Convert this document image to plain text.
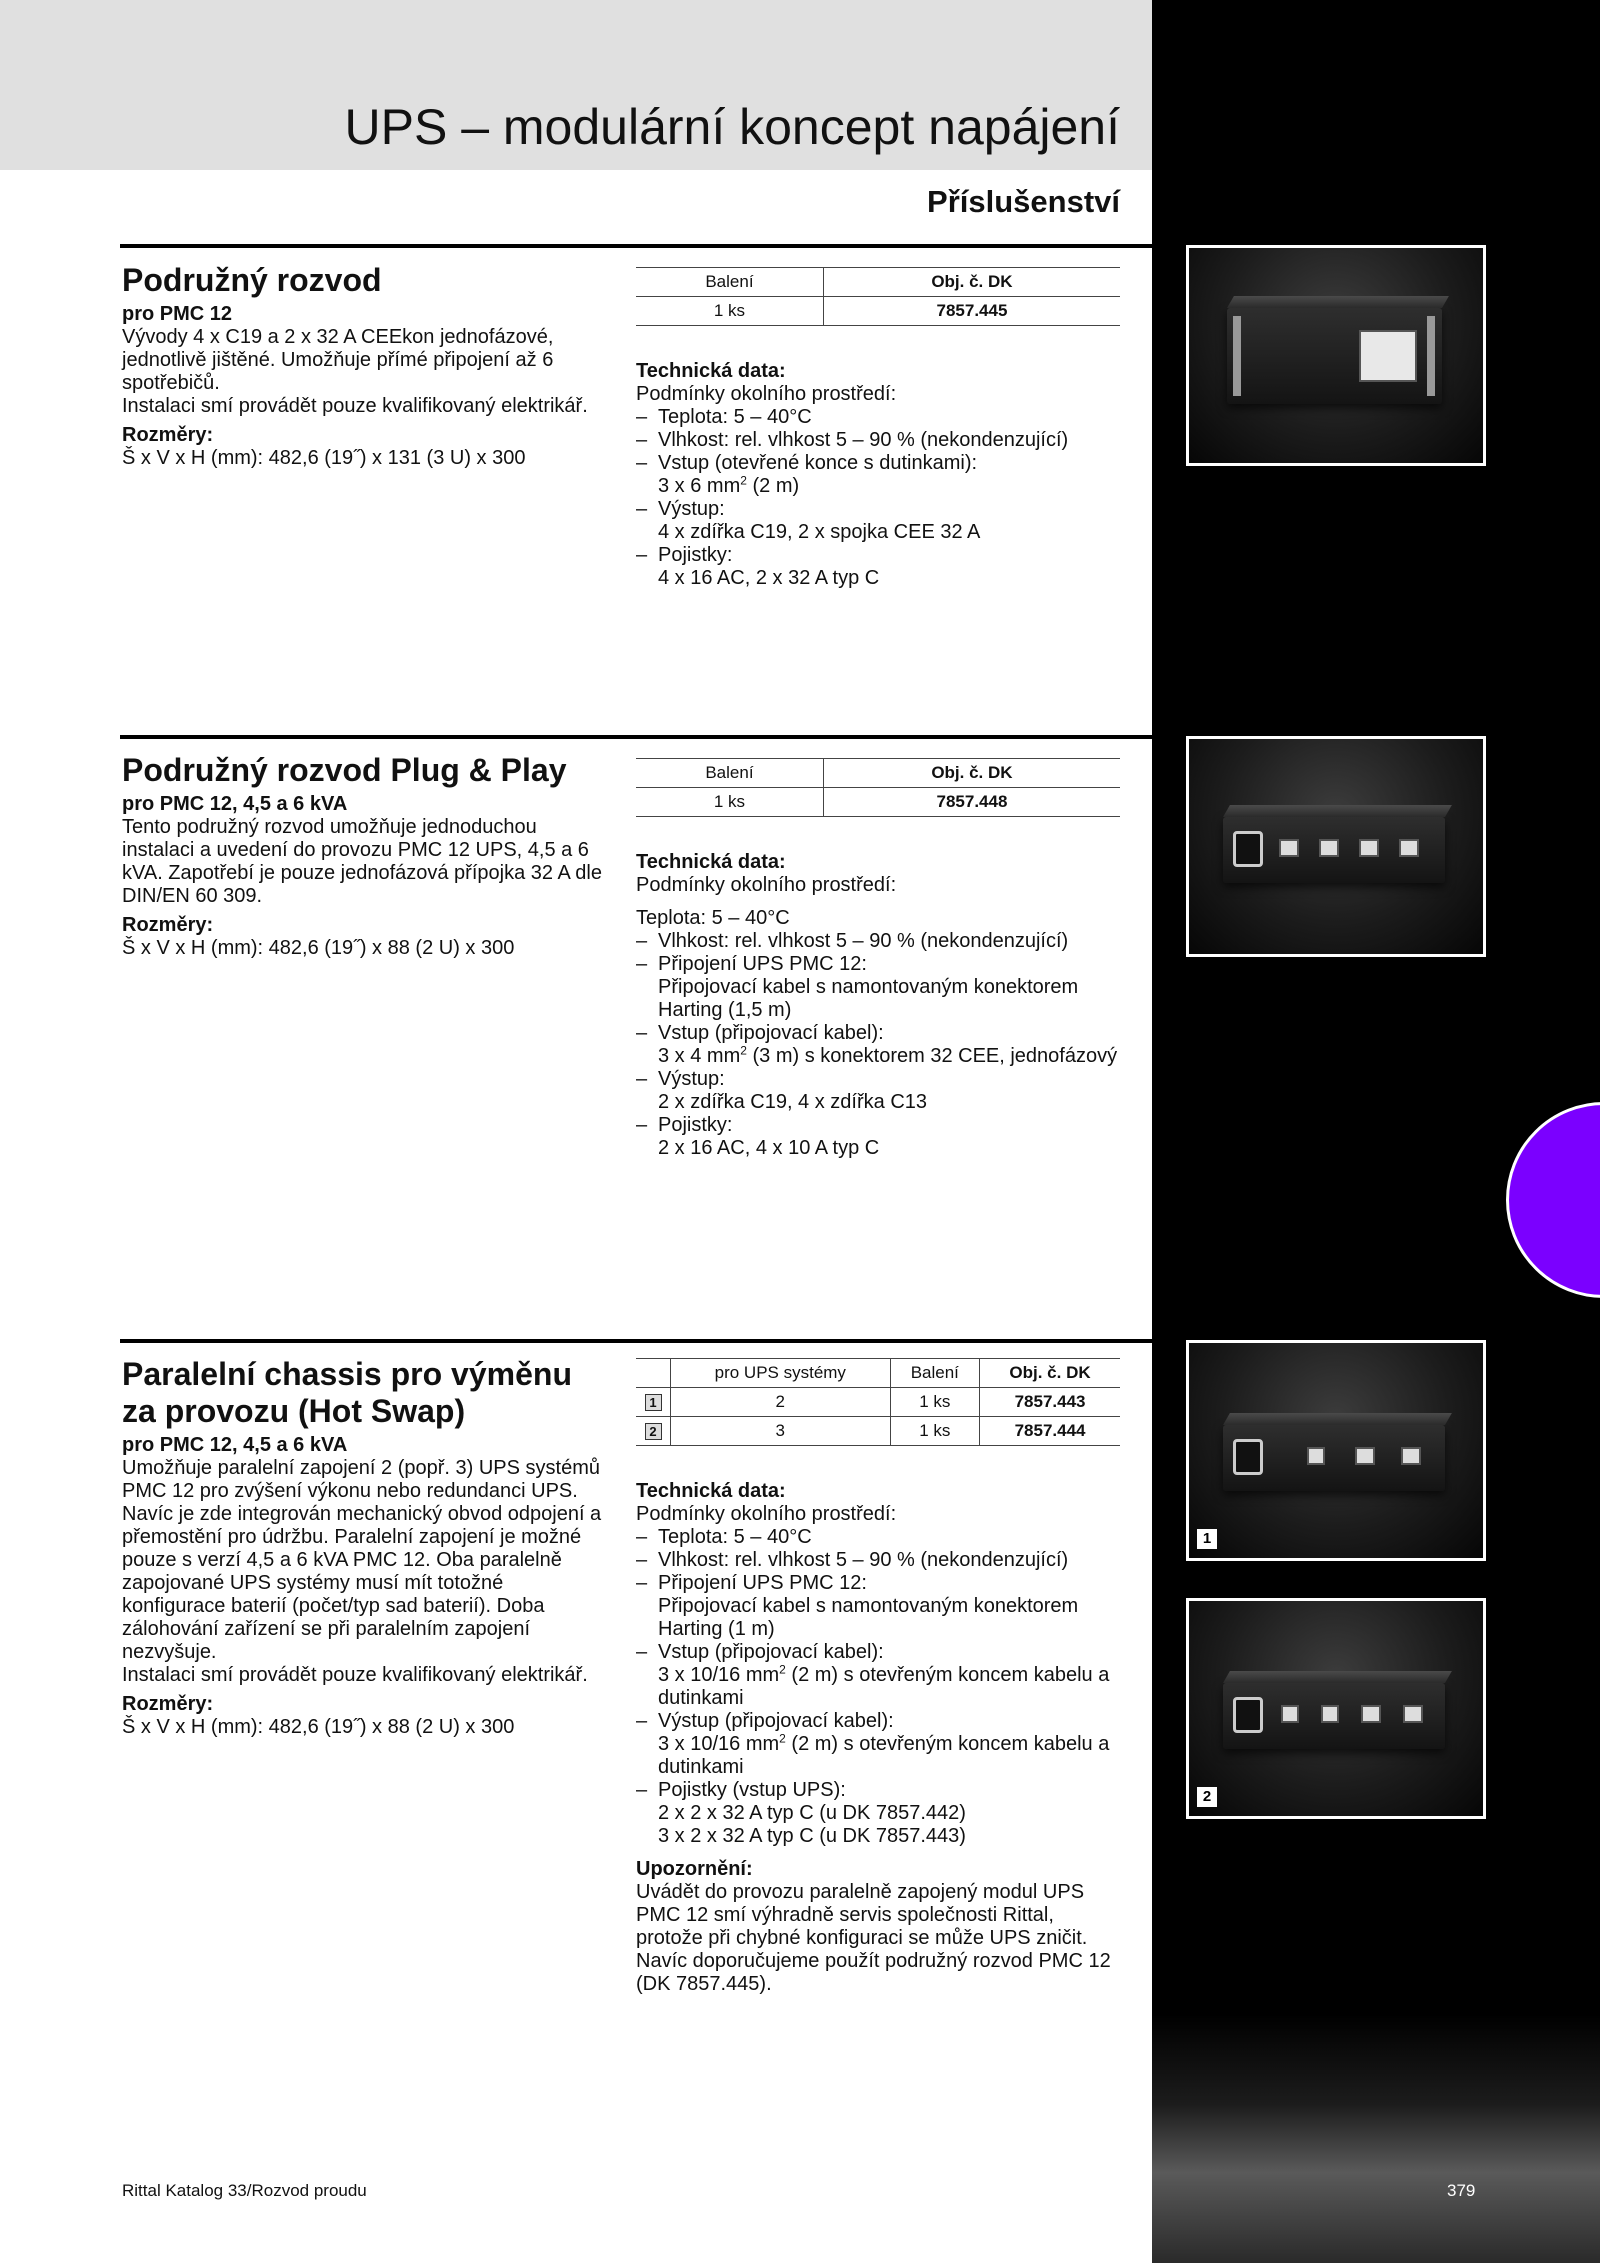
UPS – modulární koncept napájení
Příslušenství
Podružný rozvod
pro PMC 12
Vývody 4 x C19 a 2 x 32 A CEEkon jednofázové, jednotlivě jištěné. Umožňuje přímé připojení až 6 spotřebičů.
Instalaci smí provádět pouze kvalifikovaný elektrikář.
Rozměry:
Š x V x H (mm): 482,6 (19˝) x 131 (3 U) x 300
Balení	Obj. č. DK
1 ks	7857.445
Technická data:
Podmínky okolního prostředí:
– Teplota: 5 – 40°C
– Vlhkost: rel. vlhkost 5 – 90 % (nekondenzující)
– Vstup (otevřené konce s dutinkami):
3 x 6 $mm^2$ (2 m)
– Výstup:
4 x zdířka C19, 2 x spojka CEE 32 A
– Pojistky:
4 x 16 AC, 2 x 32 A typ C
Podružný rozvod Plug & Play
pro PMC 12, 4,5 a 6 kVA
Tento podružný rozvod umožňuje jednoduchou instalaci a uvedení do provozu PMC 12 UPS, 4,5 a 6 kVA. Zapotřebí je pouze jednofázová přípojka 32 A dle DIN/EN 60 309.
Rozměry:
Š x V x H (mm): 482,6 (19˝) x 88 (2 U) x 300
Balení	Obj. č. DK
1 ks	7857.448
Technická data:
Podmínky okolního prostředí:
Teplota: 5 – 40°C
– Vlhkost: rel. vlhkost 5 – 90 % (nekondenzující)
– Připojení UPS PMC 12:
Připojovací kabel s namontovaným konektorem Harting (1,5 m)
– Vstup (připojovací kabel):
3 x 4 $mm^2$ (3 m) s konektorem 32 CEE, jednofázový
– Výstup:
2 x zdířka C19, 4 x zdířka C13
– Pojistky:
2 x 16 AC, 4 x 10 A typ C
Paralelní chassis pro výměnu
za provozu (Hot Swap)
pro PMC 12, 4,5 a 6 kVA
Umožňuje paralelní zapojení 2 (popř. 3) UPS systémů PMC 12 pro zvýšení výkonu nebo redundanci UPS. Navíc je zde integrován mechanický obvod odpojení a přemostění pro údržbu. Paralelní zapojení je možné pouze s verzí 4,5 a 6 kVA PMC 12. Oba paralelně zapojované UPS systémy musí mít totožné konfigurace baterií (počet/typ sad baterií). Doba zálohování zařízení se při paralelním zapojení nezvyšuje.
Instalaci smí provádět pouze kvalifikovaný elektrikář.
Rozměry:
Š x V x H (mm): 482,6 (19˝) x 88 (2 U) x 300
	pro UPS systémy	Balení	Obj. č. DK
1	2	1 ks	7857.443
2	3	1 ks	7857.444
Technická data:
Podmínky okolního prostředí:
– Teplota: 5 – 40°C
– Vlhkost: rel. vlhkost 5 – 90 % (nekondenzující)
– Připojení UPS PMC 12:
Připojovací kabel s namontovaným konektorem Harting (1 m)
– Vstup (připojovací kabel):
3 x 10/16 $mm^2$ (2 m) s otevřeným koncem kabelu a dutinkami
– Výstup (připojovací kabel):
3 x 10/16 $mm^2$ (2 m) s otevřeným koncem kabelu a dutinkami
– Pojistky (vstup UPS):
2 x 2 x 32 A typ C (u DK 7857.442)
3 x 2 x 32 A typ C (u DK 7857.443)
Upozornění:
Uvádět do provozu paralelně zapojený modul UPS PMC 12 smí výhradně servis společnosti Rittal, protože při chybné konfiguraci se může UPS zničit.
Navíc doporučujeme použít podružný rozvod PMC 12 (DK 7857.445).
1
2
Rittal Katalog 33/Rozvod proudu	379
